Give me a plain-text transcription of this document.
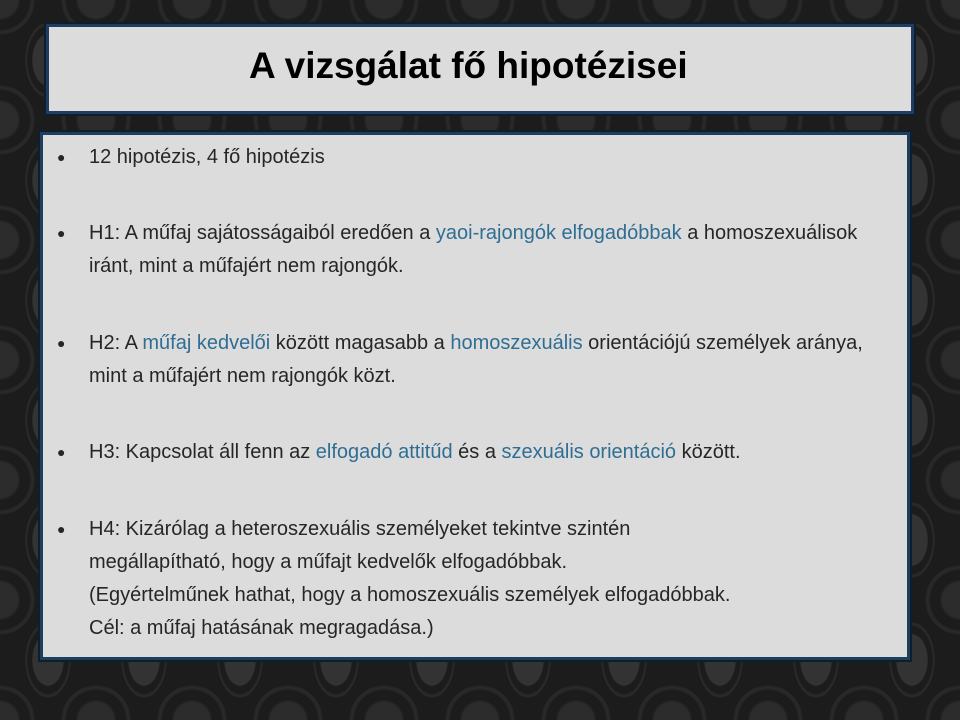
A vizsgálat fő hipotézisei
● 12 hipotézis, 4 fő hipotézis
● H1: A műfaj sajátosságaiból eredően a yaoi-rajongók elfogadóbbak a homoszexuálisok iránt, mint a műfajért nem rajongók.
● H2: A műfaj kedvelői között magasabb a homoszexuális orientációjú személyek aránya, mint a műfajért nem rajongók közt.
● H3: Kapcsolat áll fenn az elfogadó attitűd és a szexuális orientáció között.
● H4: Kizárólag a heteroszexuális személyeket tekintve szintén
megállapítható, hogy a műfajt kedvelők elfogadóbbak.
(Egyértelműnek hathat, hogy a homoszexuális személyek elfogadóbbak.
Cél: a műfaj hatásának megragadása.)
